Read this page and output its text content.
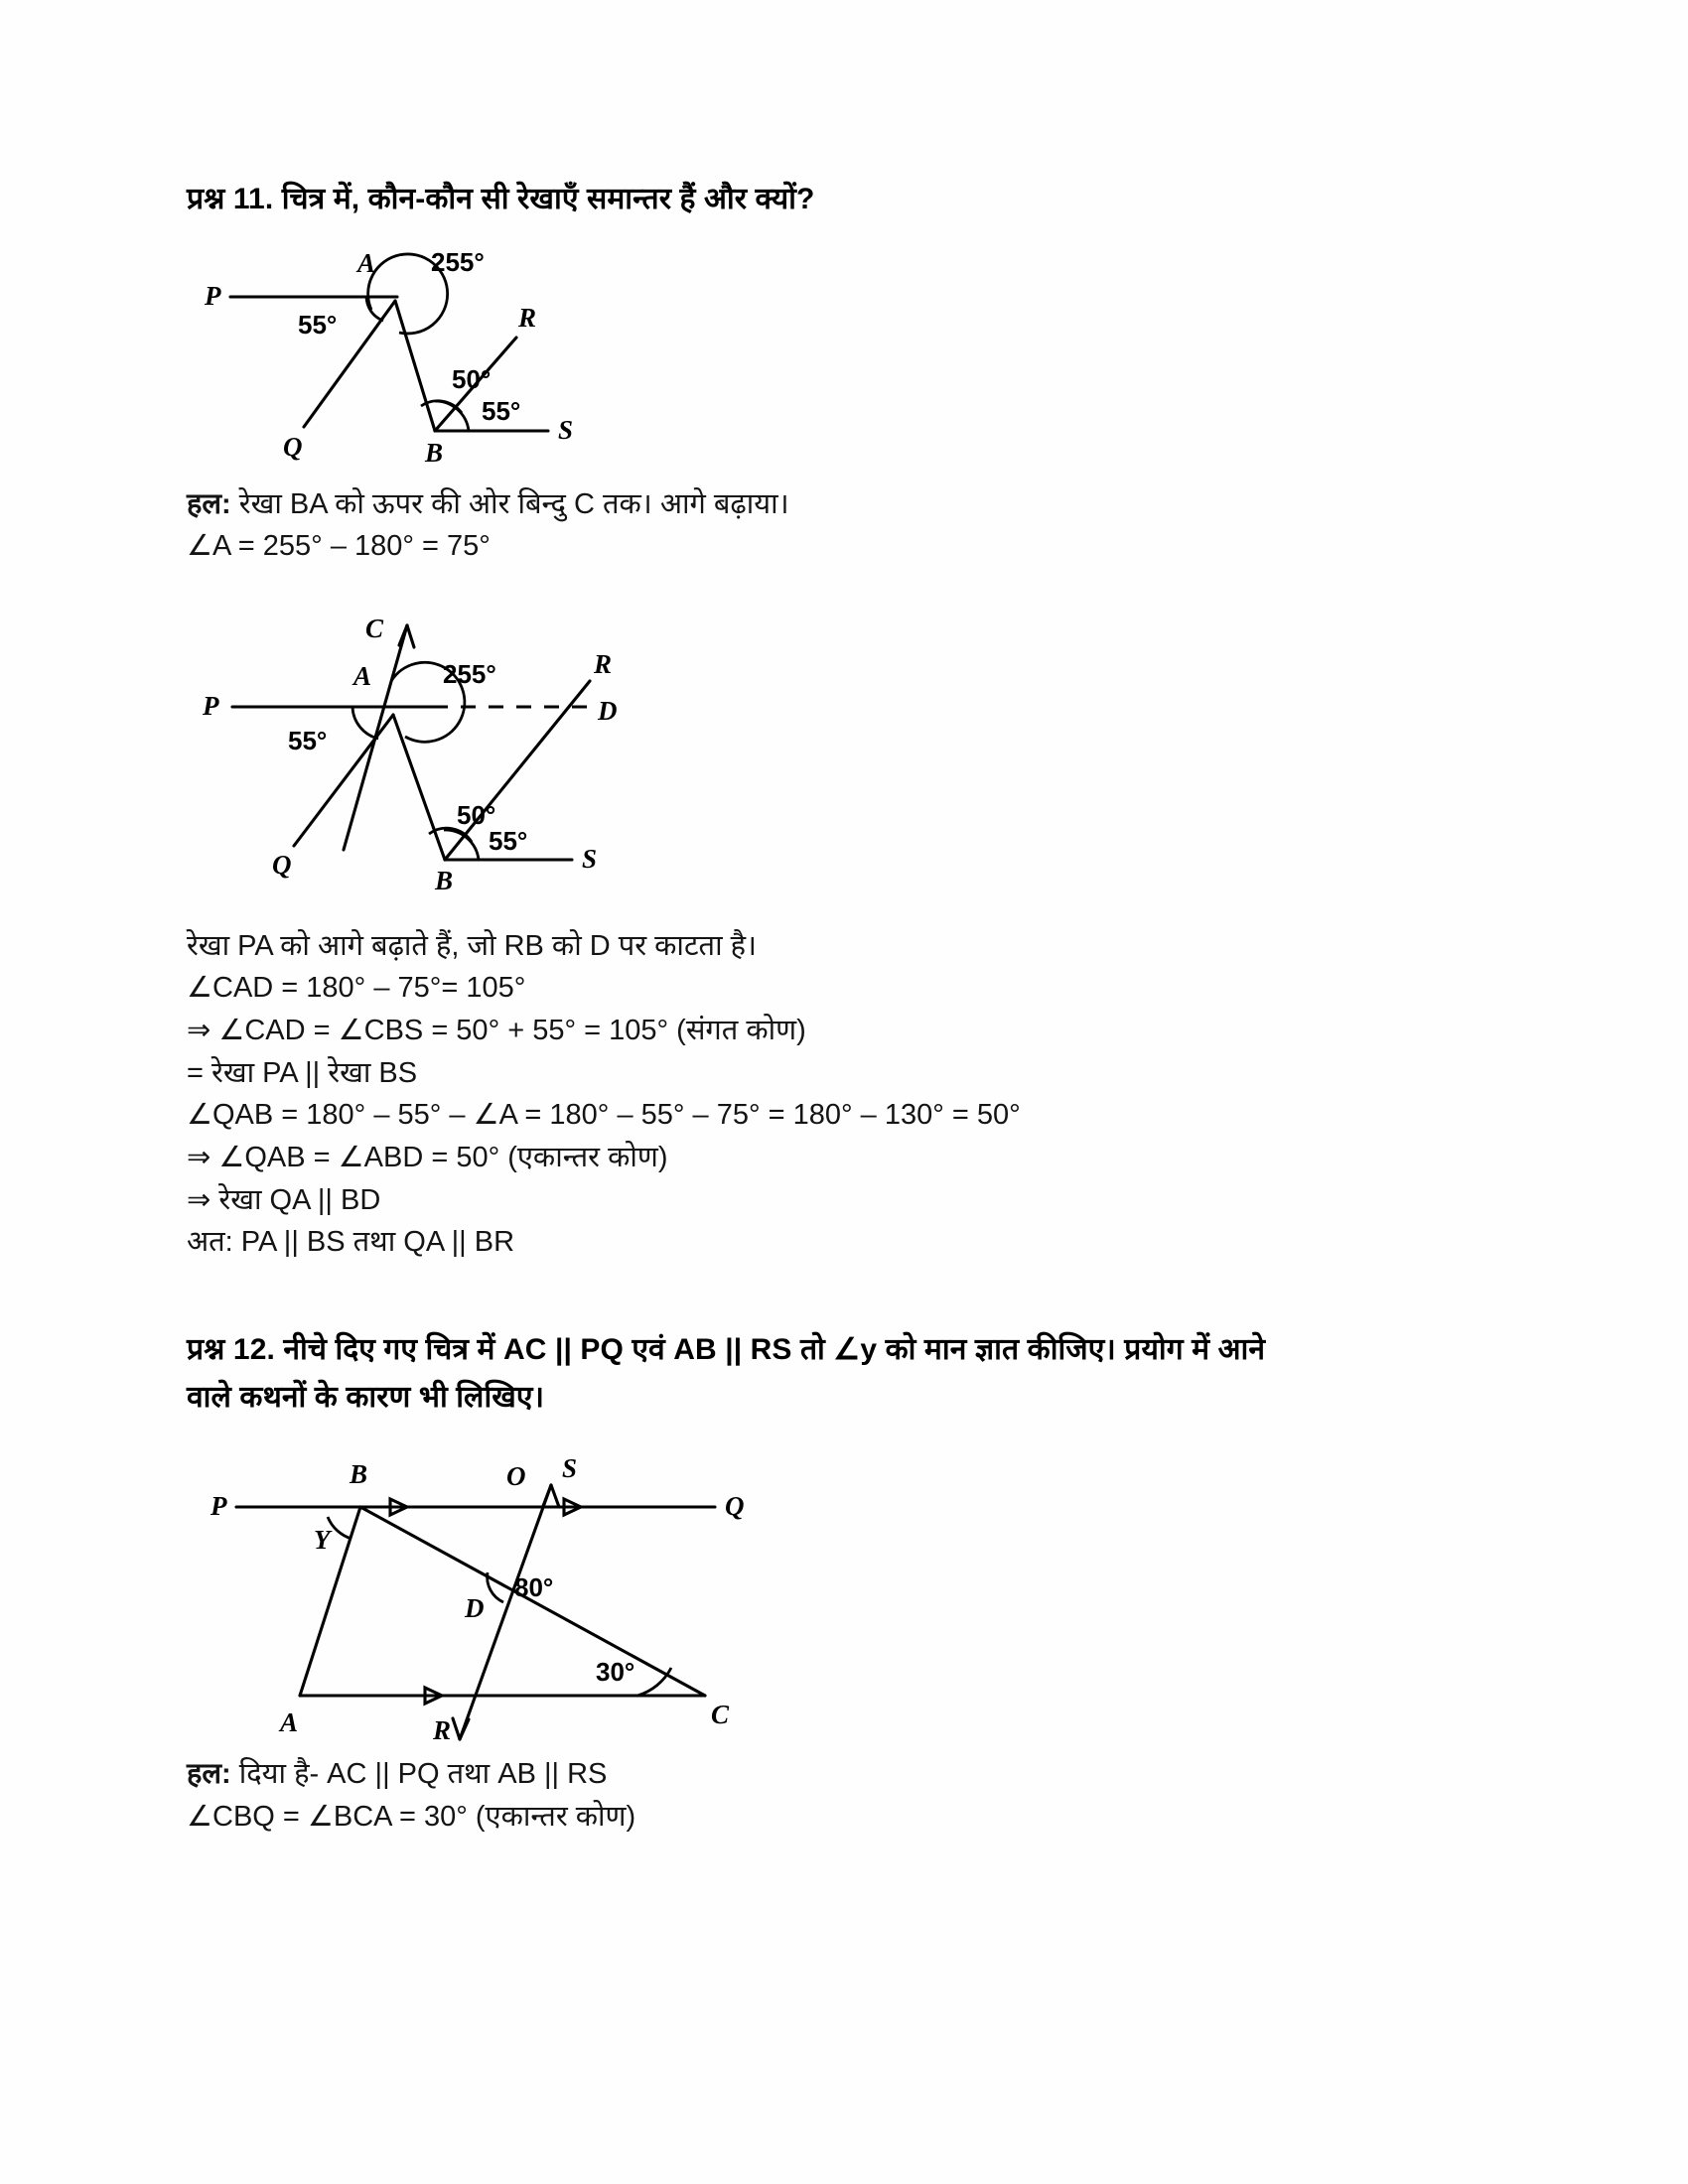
प्रश्न 11. चित्र में, कौन-कौन सी रेखाएँ समान्तर हैं और क्यों?
P
A 255°
55°
Q
50°
55°
R
B
S

हल: रेखा BA को ऊपर की ओर बिन्दु C तक। आगे बढ़ाया।

∠A = 255° – 180° = 75°

C
A	255°	R
P	D
55°
Q
50°
55°
B
S

रेखा PA को आगे बढ़ाते हैं, जो RB को D पर काटता है।

∠CAD = 180° – 75°= 105°

⇒ ∠CAD = ∠CBS = 50° + 55° = 105° (संगत कोण)

= रेखा PA || रेखा BS

∠QAB = 180° – 55° – ∠A = 180° – 55° – 75° = 180° – 130° = 50°

⇒ ∠QAB = ∠ABD = 50° (एकान्तर कोण)

⇒ रेखा QA || BD

अत: PA || BS तथा QA || BR

प्रश्न 12. नीचे दिए गए चित्र में AC || PQ एवं AB || RS तो ∠y को मान ज्ञात कीजिए। प्रयोग में आने
वाले कथनों के कारण भी लिखिए।
S
B	O
P	Q
Y
80°
D
30°
A	C
R

हल: दिया है- AC || PQ तथा AB || RS

∠CBQ = ∠BCA = 30° (एकान्तर कोण)
